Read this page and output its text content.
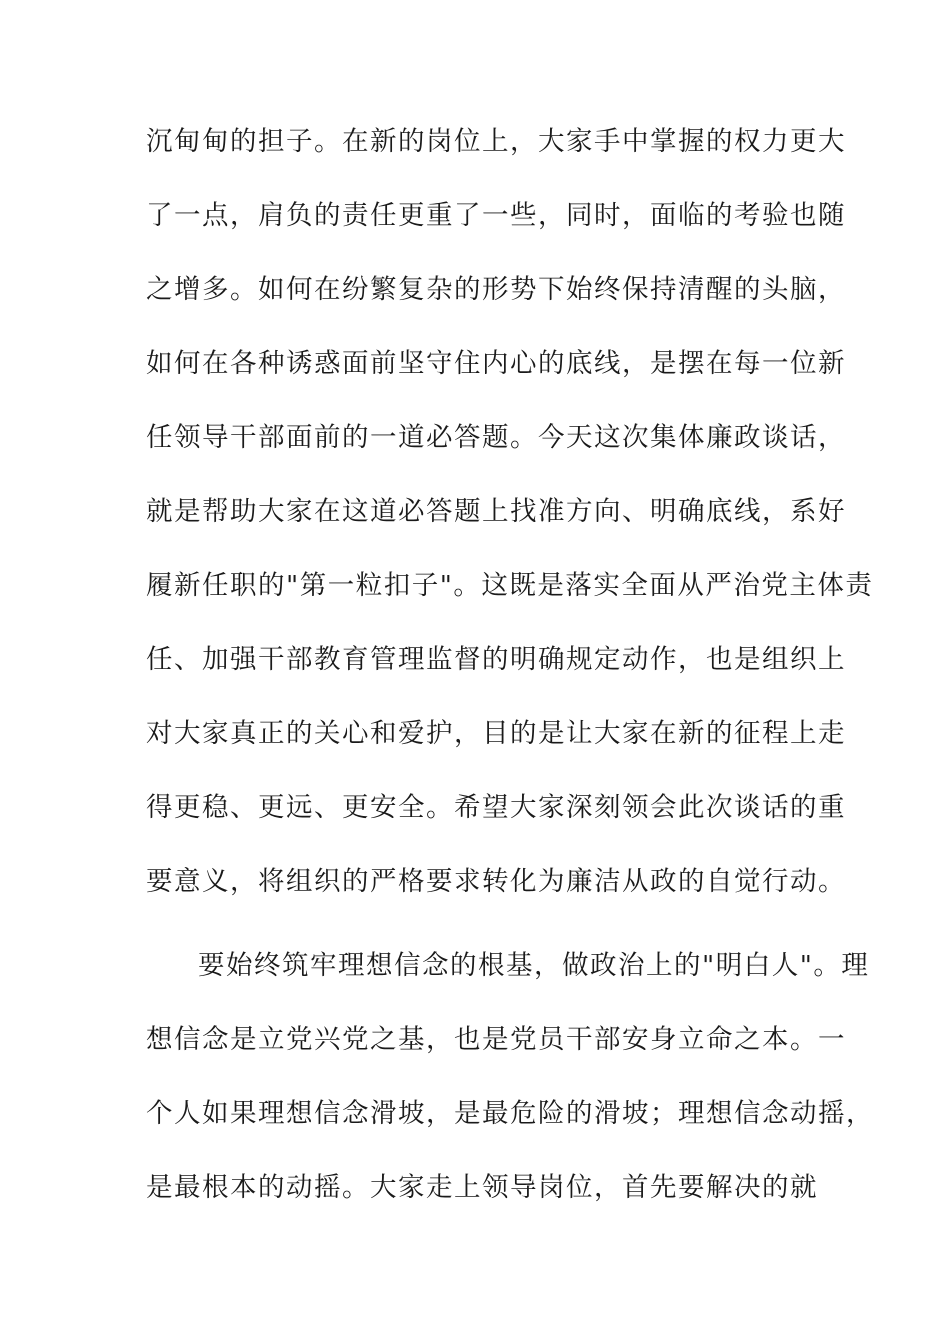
沉甸甸的担子。在新的岗位上，大家手中掌握的权力更大
了一点，肩负的责任更重了一些，同时，面临的考验也随
之增多。如何在纷繁复杂的形势下始终保持清醒的头脑，
如何在各种诱惑面前坚守住内心的底线，是摆在每一位新
任领导干部面前的一道必答题。今天这次集体廉政谈话，
就是帮助大家在这道必答题上找准方向、明确底线，系好
履新任职的"第一粒扣子"。这既是落实全面从严治党主体责
任、加强干部教育管理监督的明确规定动作，也是组织上
对大家真正的关心和爱护，目的是让大家在新的征程上走
得更稳、更远、更安全。希望大家深刻领会此次谈话的重
要意义，将组织的严格要求转化为廉洁从政的自觉行动。
要始终筑牢理想信念的根基，做政治上的"明白人"。理
想信念是立党兴党之基，也是党员干部安身立命之本。一
个人如果理想信念滑坡，是最危险的滑坡；理想信念动摇，
是最根本的动摇。大家走上领导岗位，首先要解决的就
